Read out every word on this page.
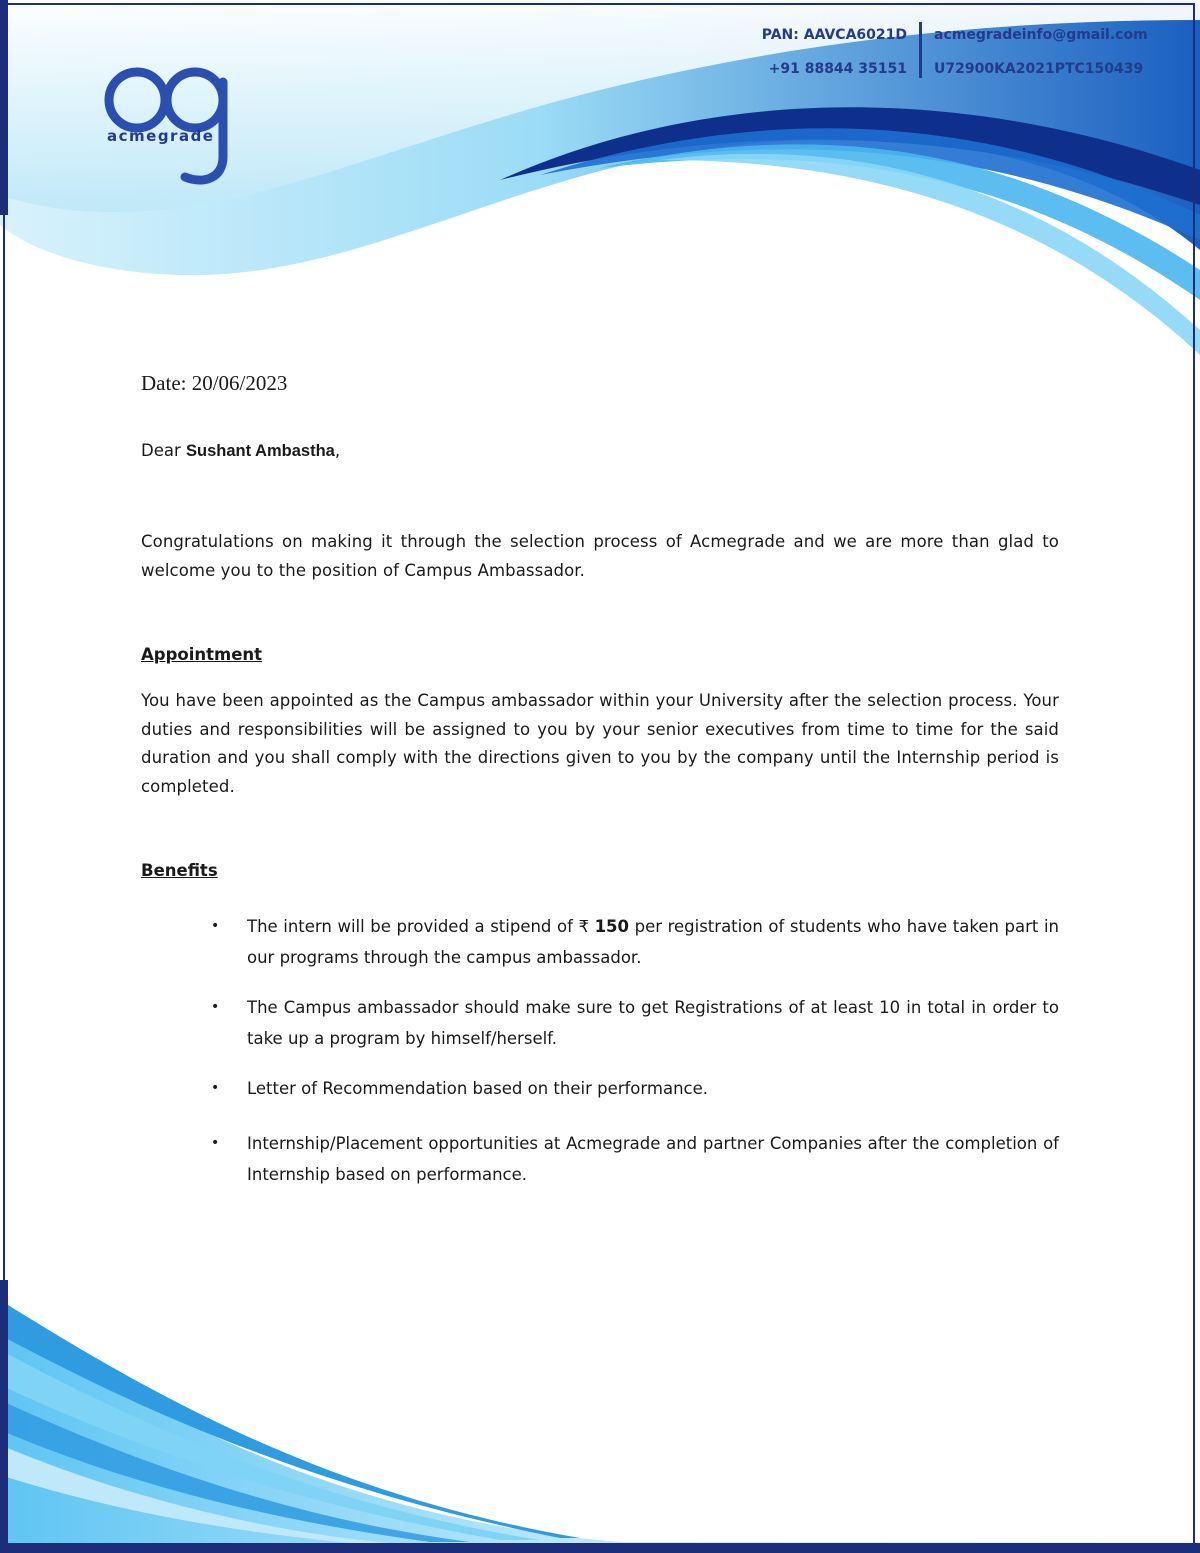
acmegrade
PAN: AAVCA6021D
+91 88844 35151
acmegradeinfo@gmail.com
U72900KA2021PTC150439
Date: 20/06/2023
Dear Sushant Ambastha,
Congratulations on making it through the selection process of Acmegrade and we are more than glad to welcome you to the position of Campus Ambassador.
Appointment
You have been appointed as the Campus ambassador within your University after the selection process. Your duties and responsibilities will be assigned to you by your senior executives from time to time for the said duration and you shall comply with the directions given to you by the company until the Internship period is completed.
Benefits
• The intern will be provided a stipend of ₹ 150 per registration of students who have taken part in our programs through the campus ambassador.
• The Campus ambassador should make sure to get Registrations of at least 10 in total in order to take up a program by himself/herself.
• Letter of Recommendation based on their performance.
• Internship/Placement opportunities at Acmegrade and partner Companies after the completion of Internship based on performance.
